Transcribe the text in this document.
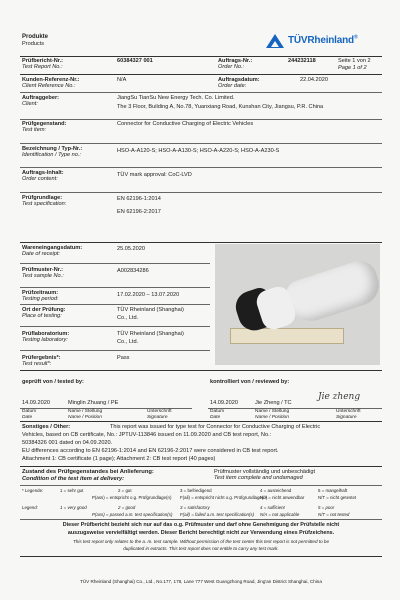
Produkte
Products	TÜVRheinland®
Prüfbericht-Nr.:
Test Report No.:
60384327 001	Auftrags-Nr.:
Order No.:
244232118	Seite 1 von 2
Page 1 of 2
Kunden-Referenz-Nr.:
Client Reference No.:
N/A	Auftragsdatum:
Order date:
22.04.2020
Auftraggeber:
Client:
JiangSu TianSu New Energy Tech. Co. Limited.
The 3 Floor, Building A, No.78, Yuanxiang Road, Kunshan City, Jiangsu, P.R. China
Prüfgegenstand:
Test item:
Connector for Conductive Charging of Electric Vehicles
Bezeichnung / Typ-Nr.:
Identification / Type no.:
HSO-A-A120-S; HSO-A-A130-S; HSO-A-A220-S; HSO-A-A230-S
Auftrags-Inhalt:
Order content:
TÜV mark approval: CoC-LVD
Prüfgrundlage:
Test specification:
EN 62196-1:2014
EN 62196-2:2017
Wareneingangsdatum:
Date of receipt:
25.05.2020
Prüfmuster-Nr.:
Test sample No.:
A002834286
Prüfzeitraum:
Testing period:
17.02.2020 – 13.07.2020
Ort der Prüfung:
Place of testing:
TÜV Rheinland (Shanghai)
Co., Ltd.
Prüflaboratorium:
Testing laboratory:
TÜV Rheinland (Shanghai)
Co., Ltd.
Prüfergebnis*:
Test result*:
Pass
geprüft von / tested by:	kontrolliert von / reviewed by:
14.09.2020	Minglin Zhuang / PE	14.09.2020	Jie Zheng / TC
Jie zheng
Datum
Date
Name / Stellung
Name / Position
Unterschrift
Signature
Datum
Date
Name / Stellung
Name / Position
Unterschrift
Signature
Sonstiges / Other:	This report was issued for type test for Connector for Conductive Charging of Electric
Vehicles, based on CB certificate, No.: JPTUV-113846 issued on 11.09.2020 and CB test report, No.:
50384326 001 dated on 04.09.2020.
EU differences according to EN 62196-1:2014 and EN 62196-2:2017 were considered in CB test report.
Attachment 1: CB certificate (1 page); Attachment 2: CB test report (40 pages)
Zustand des Prüfgegenstandes bei Anlieferung:
Condition of the test item at delivery:
Prüfmuster vollständig und unbeschädigt
Test item complete and undamaged
* Legende:
Legend:
1 = sehr gut	2 = gut	3 = befriedigend	4 = ausreichend	5 = mangelhaft
P(ass) = entspricht o.g. Prüfgrundlage(n) F(ail) = entspricht nicht o.g. Prüfgrundlage(n)
N/A = nicht anwendbar	N/T = nicht getestet
1 = very good	2 = good	3 = satisfactory	4 = sufficient	5 = poor
P(ass) = passed a.m. test specification(s) F(ail) = failed a.m. test specification(s) N/A = not applicable	N/T = not tested
Dieser Prüfbericht bezieht sich nur auf das o.g. Prüfmuster und darf ohne Genehmigung der Prüfstelle nicht
auszugsweise vervielfältigt werden. Dieser Bericht berechtigt nicht zur Verwendung eines Prüfzeichens.
This test report only relates to the a. m. test sample. Without permission of the test center this test report is not permitted to be
duplicated in extracts. This test report does not entitle to carry any test mark.
TÜV Rheinland (Shanghai) Co., Ltd., No.177, 178, Lane 777 West Guangzhong Road, Jing'an District Shanghai, China
